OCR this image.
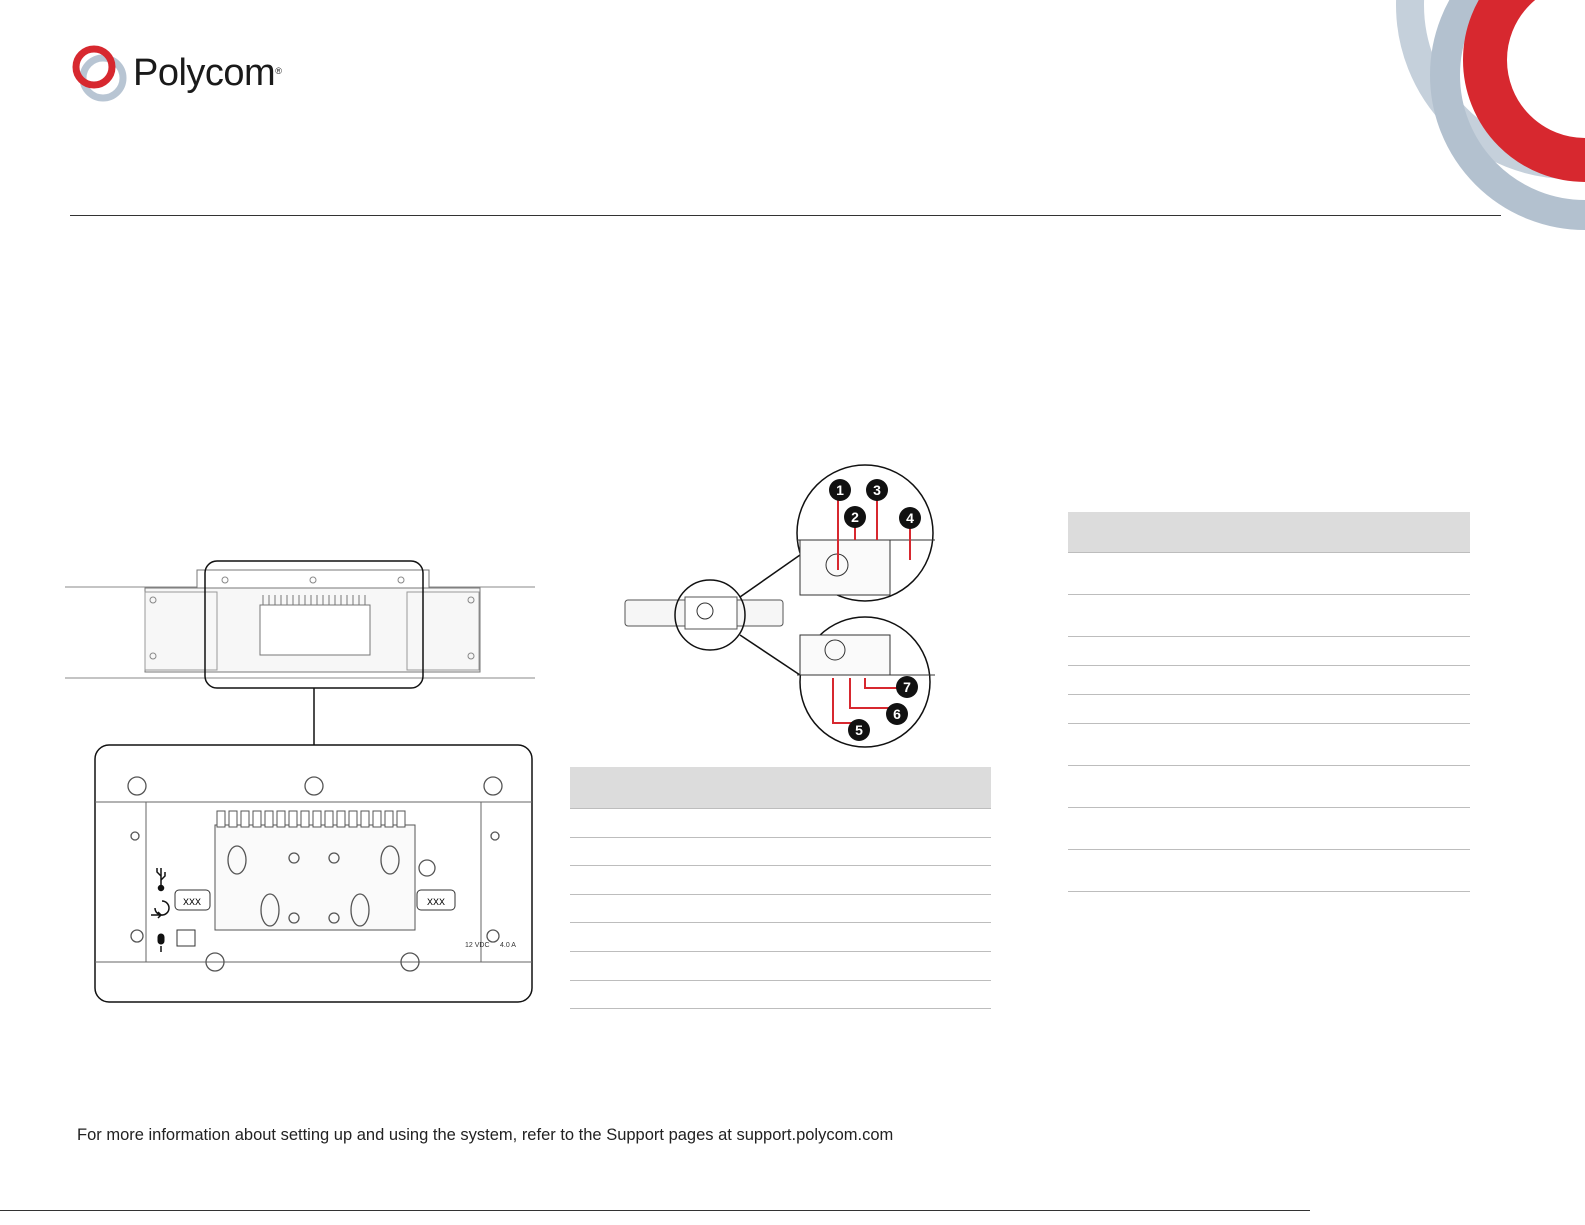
Polycom®
XXX	XXX
12 VDC 4.0 A
1
2
3
4
5
6
7
For more information about setting up and using the system, refer to the Support pages at support.polycom.com
